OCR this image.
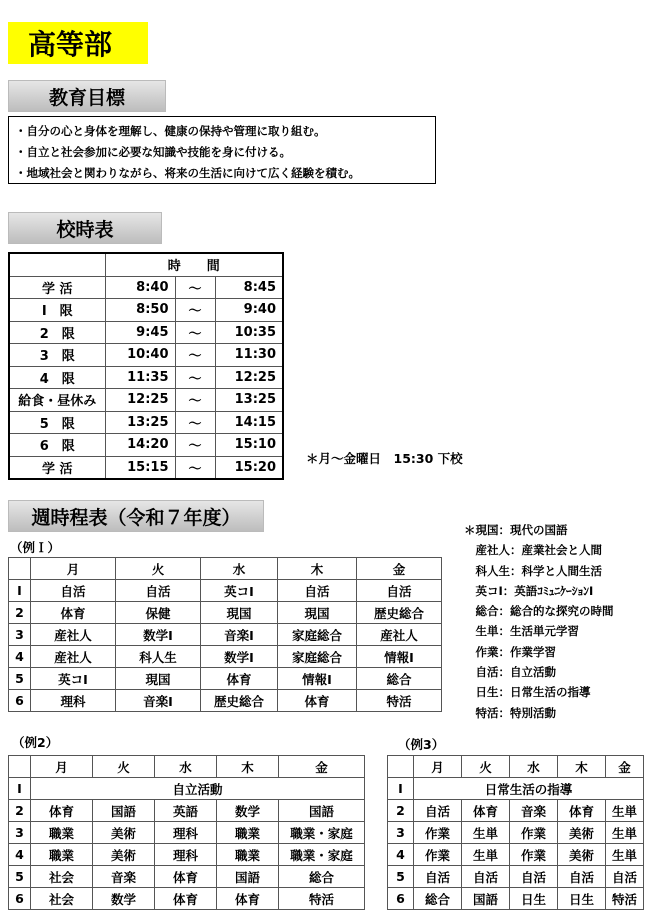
高等部
教育目標
・自分の心と身体を理解し、健康の保持や管理に取り組む。
・自立と社会参加に必要な知識や技能を身に付ける。
・地域社会と関わりながら、将来の生活に向けて広く経験を積む。
校時表
	時　　間		
学 活	8:40	～	8:45
I　限	8:50	～	9:40
2　限	9:45	～	10:35
3　限	10:40	～	11:30
4　限	11:35	～	12:25
給食・昼休み	12:25	～	13:25
5　限	13:25	～	14:15
6　限	14:20	～	15:10
学 活	15:15	～	15:20
＊月～金曜日　15:30 下校
週時程表（令和７年度）
（例Ｉ）
	月	火	水	木	金
I	自活	自活	英コⅠ	自活	自活
2	体育	保健	現国	現国	歴史総合
3	産社人	数学Ⅰ	音楽Ⅰ	家庭総合	産社人
4	産社人	科人生	数学Ⅰ	家庭総合	情報Ⅰ
5	英コⅠ	現国	体育	情報Ⅰ	総合
6	理科	音楽Ⅰ	歴史総合	体育	特活
＊現国：現代の国語
　産社人：産業社会と人間
　科人生：科学と人間生活
　英コⅠ：英語ｺﾐｭﾆｹｰｼｮﾝⅠ
　総合：総合的な探究の時間
　生単：生活単元学習
　作業：作業学習
　自活：自立活動
　日生：日常生活の指導
　特活：特別活動
（例2）
	月	火	水	木	金
I	自立活動				
2	体育	国語	英語	数学	国語
3	職業	美術	理科	職業	職業・家庭
4	職業	美術	理科	職業	職業・家庭
5	社会	音楽	体育	国語	総合
6	社会	数学	体育	体育	特活
（例3）
	月	火	水	木	金
I	日常生活の指導				
2	自活	体育	音楽	体育	生単
3	作業	生単	作業	美術	生単
4	作業	生単	作業	美術	生単
5	自活	自活	自活	自活	自活
6	総合	国語	日生	日生	特活
